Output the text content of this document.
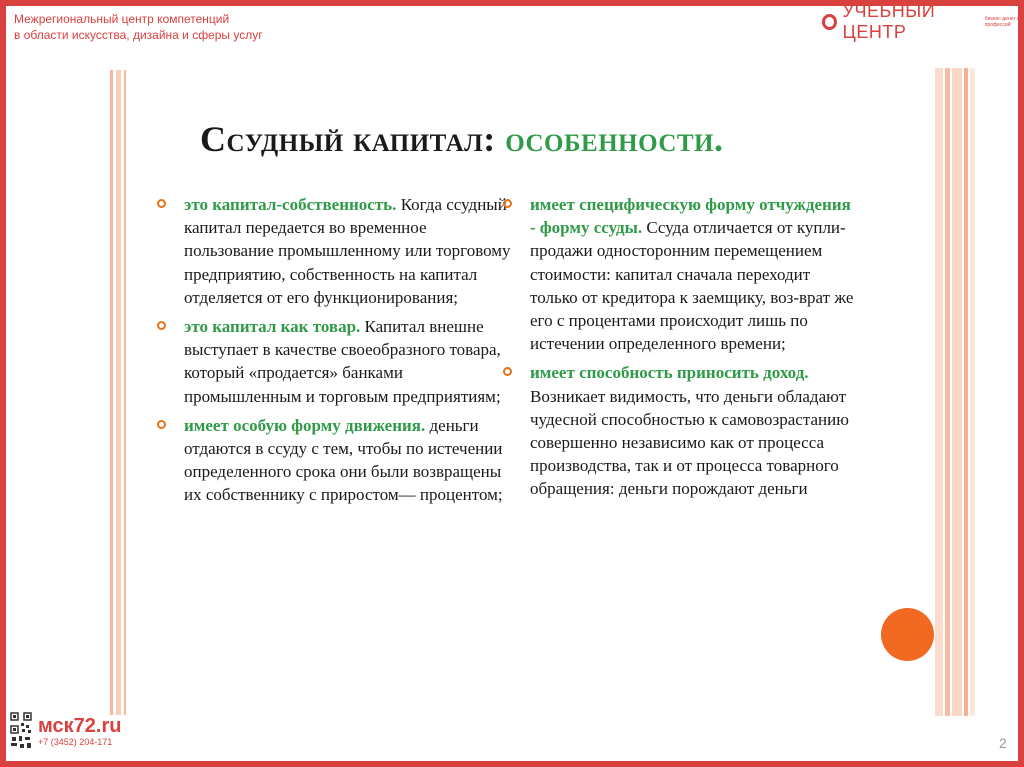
Межрегиональный центр компетенций
в области искусства, дизайна и сферы услуг
УЧЕБНЫЙ ЦЕНТР
бизнес-денег и профессий
Ссудный капитал: особенности.
это капитал-собственность. Когда ссудный капитал передается во временное пользование промышленному или торговому предприятию, собственность на капитал отделяется от его функционирования;
это капитал как товар. Капитал внешне выступает в качестве своеобразного товара, который «продается» банками промышленным и торговым предприятиям;
имеет особую форму движения. деньги отдаются в ссуду с тем, чтобы по истечении определенного срока они были возвращены их собственнику с приростом— процентом;
имеет специфическую форму отчуждения - форму ссуды. Ссуда отличается от купли-продажи односторонним перемещением стоимости: капитал сначала переходит только от кредитора к заемщику, воз-врат же его с процентами происходит лишь по истечении определенного времени;
имеет способность приносить доход. Возникает видимость, что деньги обладают чудесной способностью к самовозрастанию совершенно независимо как от процесса производства, так и от процесса товарного обращения: деньги порождают деньги
мск72.ru
+7 (3452) 204-171	2
